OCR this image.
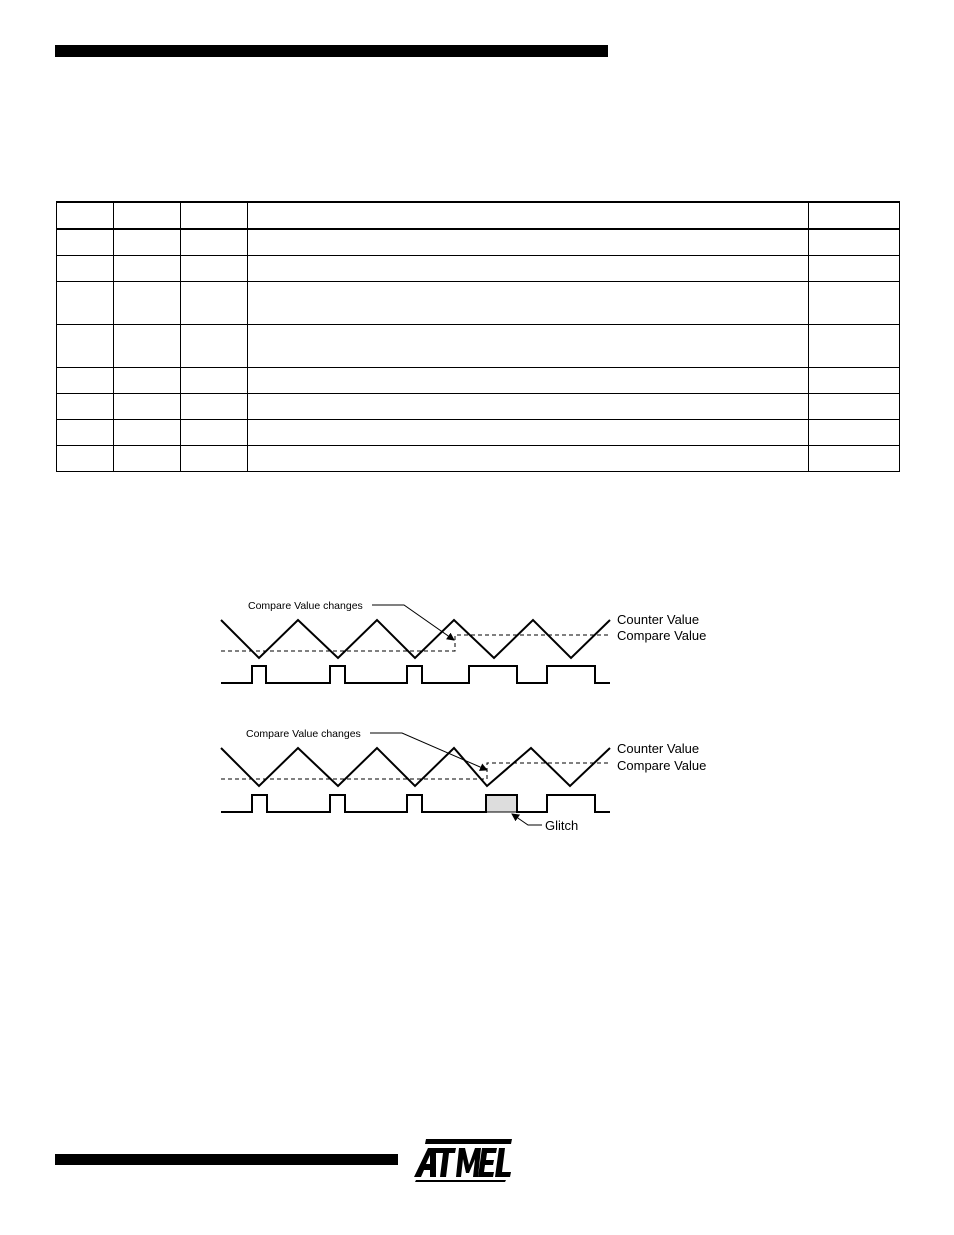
Compare Value changes
Counter Value
Compare Value
Compare Value changes
Counter Value
Compare Value
Glitch
